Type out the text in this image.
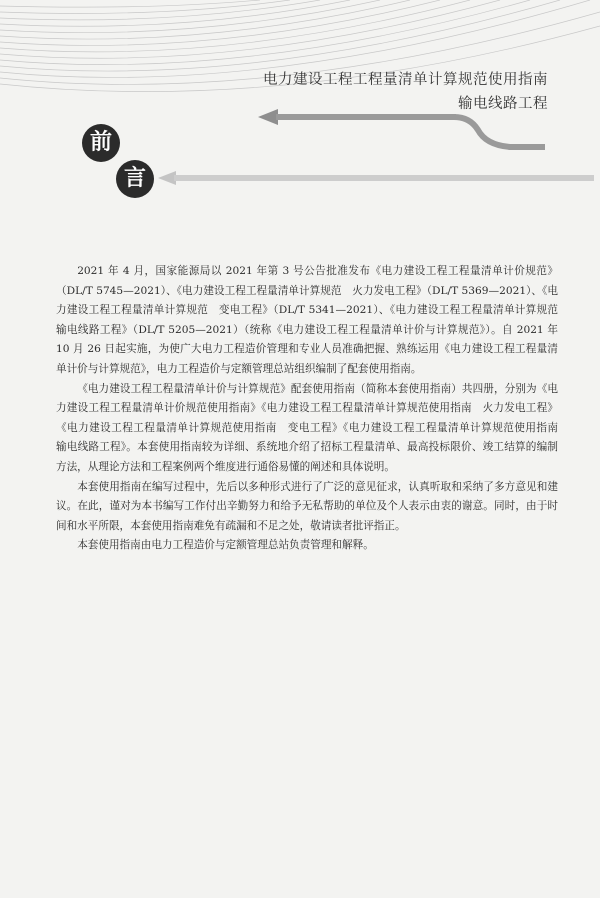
电力建设工程工程量清单计算规范使用指南
输电线路工程
前
言

2021 年 4 月，国家能源局以 2021 年第 3 号公告批准发布《电力建设工程工程量清单计价规范》（DL/T 5745—2021）、《电力建设工程工程量清单计算规范　火力发电工程》（DL/T 5369—2021）、《电力建设工程工程量清单计算规范　变电工程》（DL/T 5341—2021）、《电力建设工程工程量清单计算规范　输电线路工程》（DL/T 5205—2021）（统称《电力建设工程工程量清单计价与计算规范》）。自 2021 年 10 月 26 日起实施，为使广大电力工程造价管理和专业人员准确把握、熟练运用《电力建设工程工程量清单计价与计算规范》，电力工程造价与定额管理总站组织编制了配套使用指南。

《电力建设工程工程量清单计价与计算规范》配套使用指南（简称本套使用指南）共四册，分别为《电力建设工程工程量清单计价规范使用指南》《电力建设工程工程量清单计算规范使用指南　火力发电工程》《电力建设工程工程量清单计算规范使用指南　变电工程》《电力建设工程工程量清单计算规范使用指南　输电线路工程》。本套使用指南较为详细、系统地介绍了招标工程量清单、最高投标限价、竣工结算的编制方法，从理论方法和工程案例两个维度进行通俗易懂的阐述和具体说明。

本套使用指南在编写过程中，先后以多种形式进行了广泛的意见征求，认真听取和采纳了多方意见和建议。在此，谨对为本书编写工作付出辛勤努力和给予无私帮助的单位及个人表示由衷的谢意。同时，由于时间和水平所限，本套使用指南难免有疏漏和不足之处，敬请读者批评指正。

本套使用指南由电力工程造价与定额管理总站负责管理和解释。
